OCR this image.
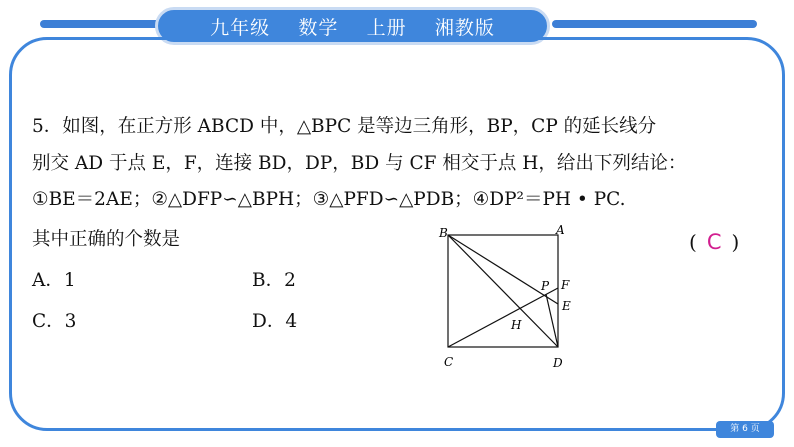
九年级 数学 上册 湘教版
5．如图，在正方形 ABCD 中，△BPC 是等边三角形，BP，CP 的延长线分
别交 AD 于点 E，F，连接 BD，DP，BD 与 CF 相交于点 H，给出下列结论：
①BE＝2AE；②△DFP∽△BPH；③△PFD∽△PDB；④DP²＝PH • PC.
其中正确的个数是	( C )
A．1	B．2
C．3	D．4
B	A
C	D
P F
E
H
第 6 页
